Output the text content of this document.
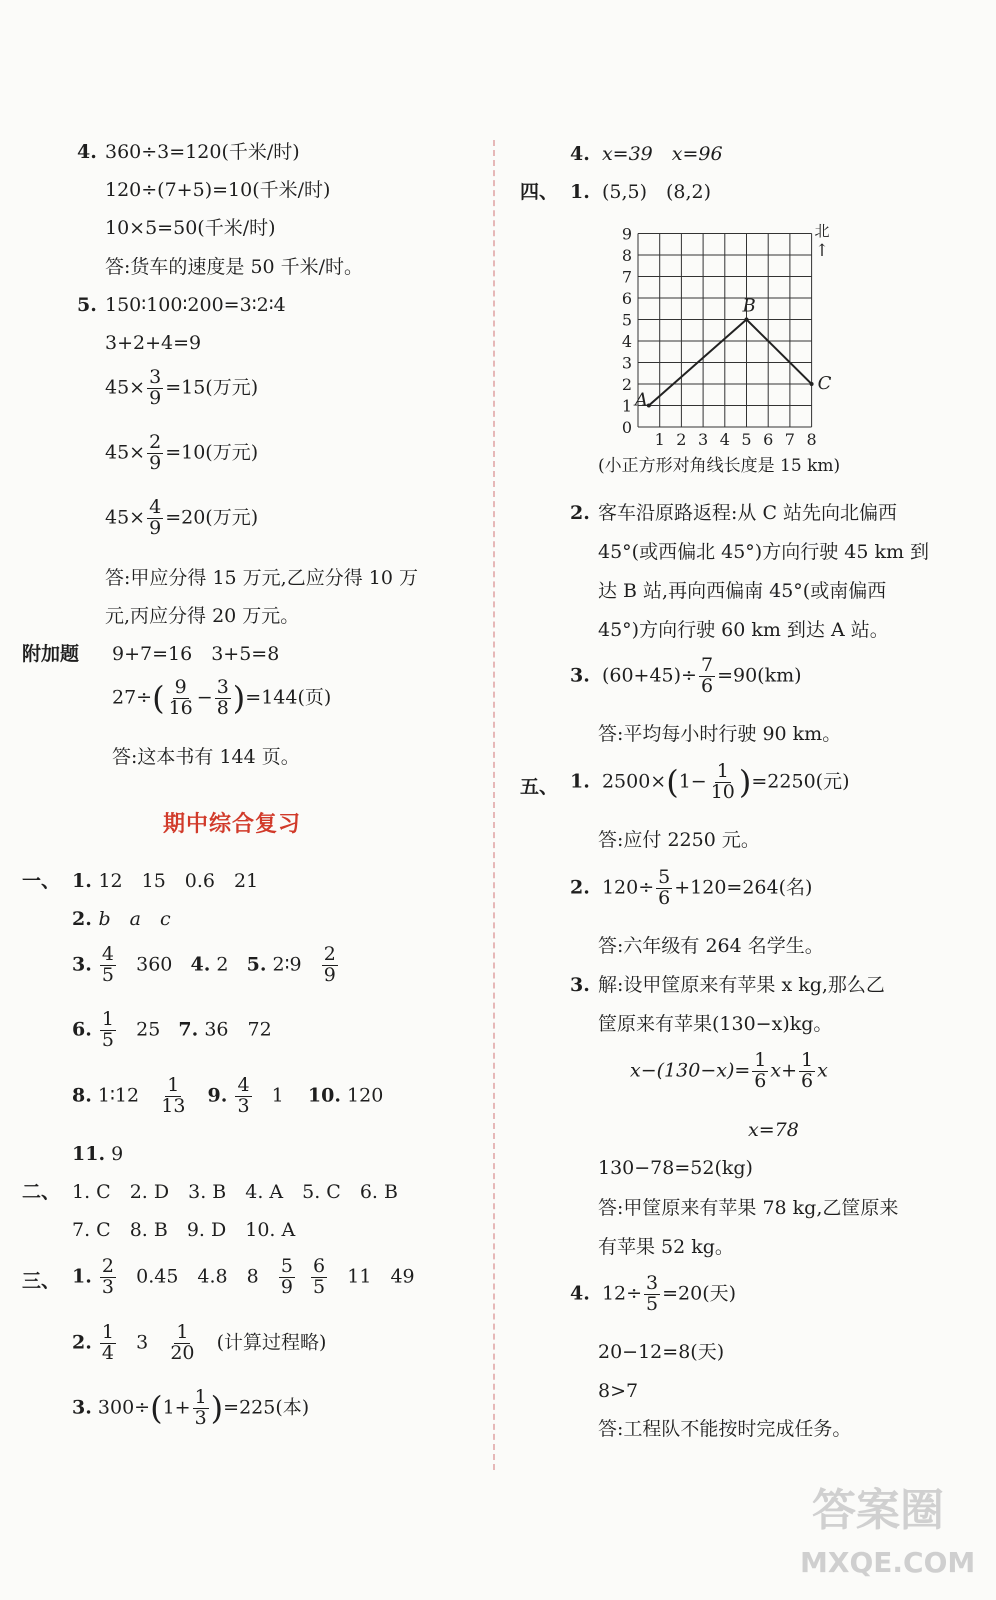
4. 360÷3=120(千米/时)
120÷(7+5)=10(千米/时)
10×5=50(千米/时)
答:货车的速度是 50 千米/时。
5. 150∶100∶200=3∶2∶4
3+2+4=9
$45\times \frac{3}{9} =15$(万元)
$45\times \frac{2}{9} =10$(万元)
$45\times \frac{4}{9} =20$(万元)
答:甲应分得 15 万元,乙应分得 10 万
元,丙应分得 20 万元。
附加题 9+7=16　3+5=8
$27\div( \frac{9}{16} - \frac{3}{8} )=144$(页)
答:这本书有 144 页。
期中综合复习
一、 1. 12　15　0.6　21
2. b　a　c
3. $\frac{4}{5} 360$ 4. 2 5. 2∶9 $\frac{2}{9}$
6. $\frac{1}{5} 25$ 7. 36　72
8. 1∶12 $\frac{1}{13} 9$. $\frac{4}{3} 1$ 10. 120
11. 9
二、 1. C　2. D　3. B　4. A　5. C　6. B
7. C　8. B　9. D　10. A
三、 1. $\frac{2}{3} 0.45$　4.8　$8 \frac{5}{9}$
$\frac{6}{5} 11$　49
2. $\frac{1}{4} 3 \frac{1}{20}$ (计算过程略)
3. $300\div(1+ \frac{1}{3} )=225$(本)
4. x=39　x=96
四、 1. (5,5)　(8,2)
1 2 3 4 5 6 7 8
0
1
2
3
4
5
6
7
8
9
A
B
C
北
↑
(小正方形对角线长度是 15 km)
2. 客车沿原路返程:从 C 站先向北偏西
45°(或西偏北 45°)方向行驶 45 km 到
达 B 站,再向西偏南 45°(或南偏西
45°)方向行驶 60 km 到达 A 站。
3. $(60+45)\div \frac{7}{6} =90(km)$
答:平均每小时行驶 90 km。
五、 1. $2500\times(1- \frac{1}{10} )=2250$(元)
答:应付 2250 元。
2. $120\div \frac{5}{6} +120=264$(名)
答:六年级有 264 名学生。
3. 解:设甲筐原来有苹果 x kg,那么乙
筐原来有苹果(130−x)kg。
$x-(130-x)= \frac{1}{6} x+ \frac{1}{6}$ x
x=78
130−78=52(kg)
答:甲筐原来有苹果 78 kg,乙筐原来
有苹果 52 kg。
4. $12\div \frac{3}{5} =20$(天)
20−12=8(天)
8>7
答:工程队不能按时完成任务。
答案圈
MXQE.COM
